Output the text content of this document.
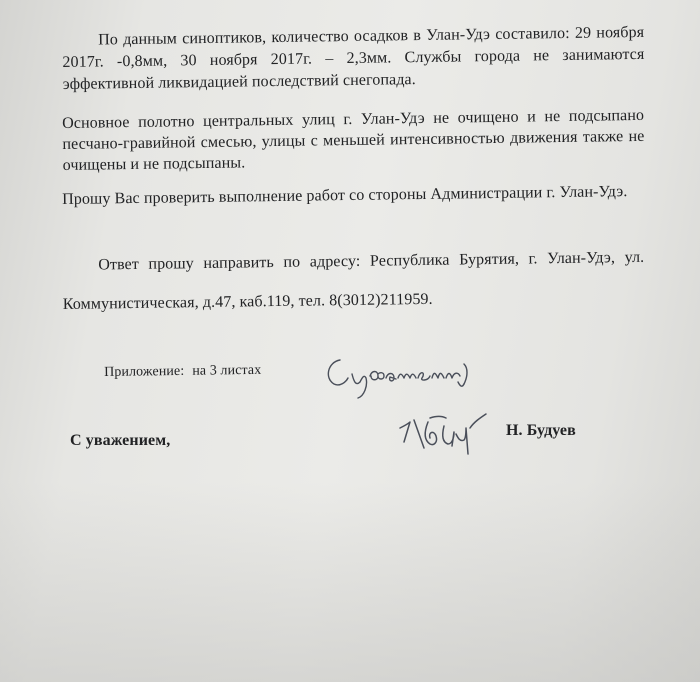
По данным синоптиков, количество осадков в Улан-Удэ составило: 29 ноября 2017г. -0,8мм, 30 ноября 2017г. – 2,3мм. Службы города не занимаются эффективной ликвидацией последствий снегопада.
Основное полотно центральных улиц г. Улан-Удэ не очищено и не подсыпано песчано-гравийной смесью, улицы с меньшей интенсивностью движения также не очищены и не подсыпаны.
Прошу Вас проверить выполнение работ со стороны Администрации г. Улан-Удэ.
Ответ прошу направить по адресу: Республика Бурятия, г. Улан-Удэ, ул. Коммунистическая, д.47, каб.119, тел. 8(3012)211959.
Приложение: на 3 листах
С уважением,
Н. Будуев
